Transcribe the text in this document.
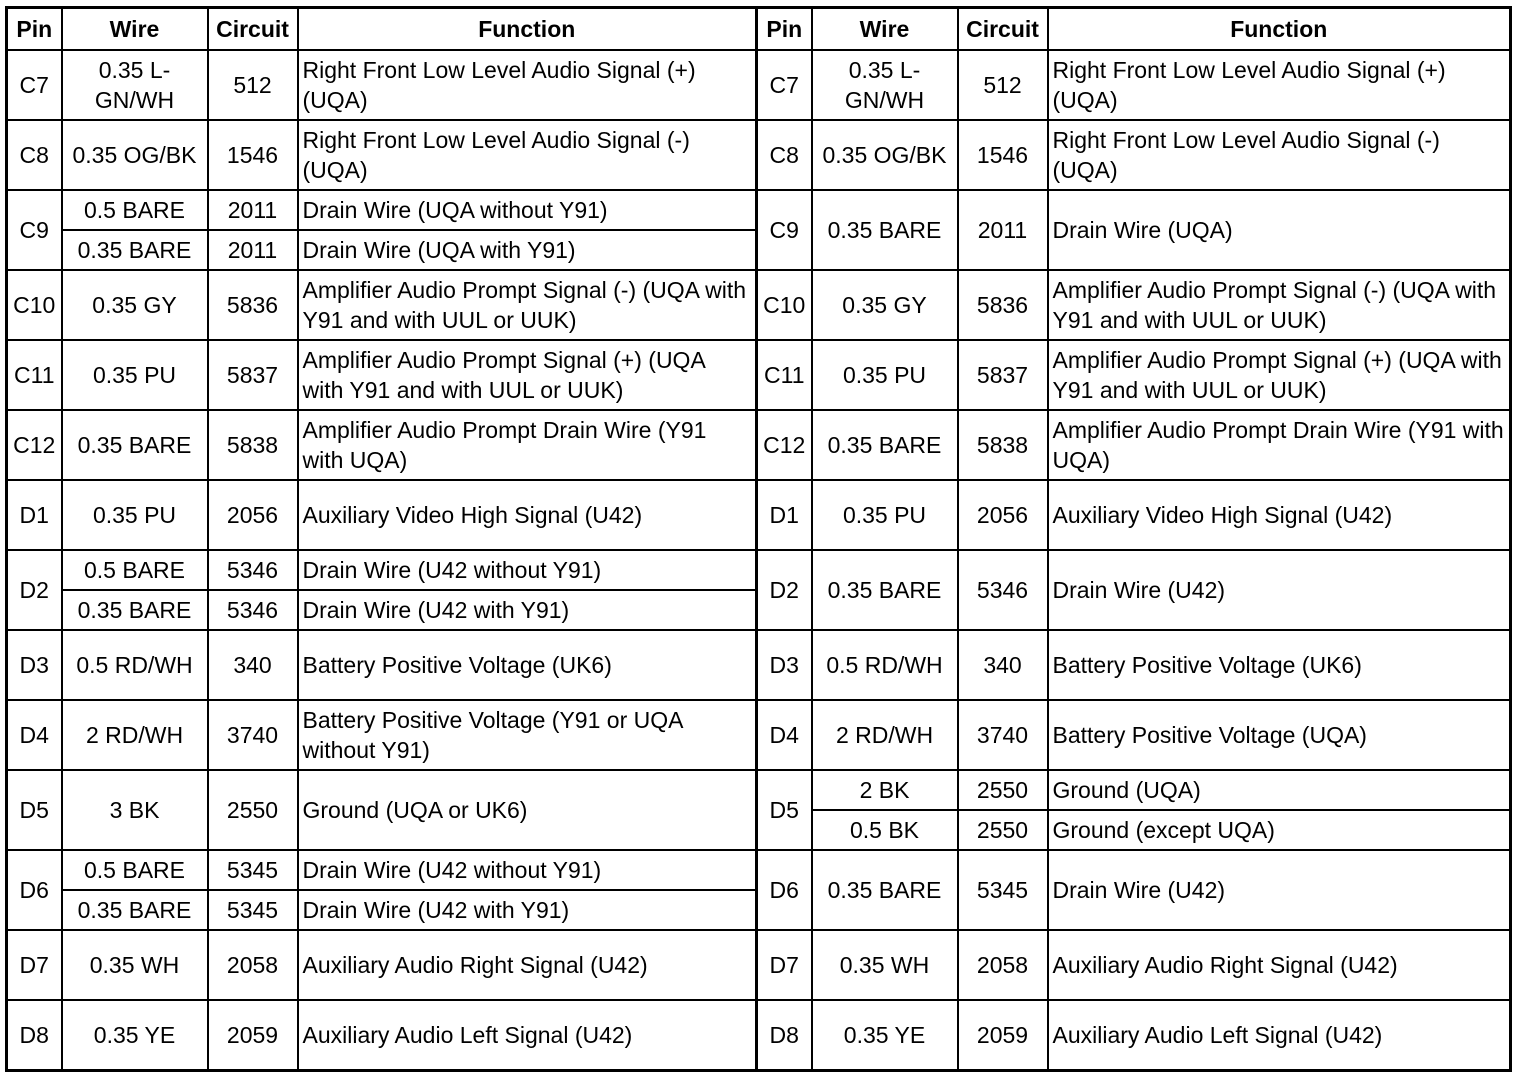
Pin	Wire	Circuit	Function	Pin	Wire	Circuit	Function
C7	0.35 L-GN/WH	512	Right Front Low Level Audio Signal (+) (UQA)	C7	0.35 L-GN/WH	512	Right Front Low Level Audio Signal (+) (UQA)
C8	0.35 OG/BK	1546	Right Front Low Level Audio Signal (-) (UQA)	C8	0.35 OG/BK	1546	Right Front Low Level Audio Signal (-) (UQA)
C9	0.5 BARE	2011	Drain Wire (UQA without Y91)	C9	0.35 BARE	2011	Drain Wire (UQA)
	0.35 BARE	2011	Drain Wire (UQA with Y91)				
C10	0.35 GY	5836	Amplifier Audio Prompt Signal (-) (UQA with Y91 and with UUL or UUK)	C10	0.35 GY	5836	Amplifier Audio Prompt Signal (-) (UQA with Y91 and with UUL or UUK)
C11	0.35 PU	5837	Amplifier Audio Prompt Signal (+) (UQA with Y91 and with UUL or UUK)	C11	0.35 PU	5837	Amplifier Audio Prompt Signal (+) (UQA with Y91 and with UUL or UUK)
C12	0.35 BARE	5838	Amplifier Audio Prompt Drain Wire (Y91 with UQA)	C12	0.35 BARE	5838	Amplifier Audio Prompt Drain Wire (Y91 with UQA)
D1	0.35 PU	2056	Auxiliary Video High Signal (U42)	D1	0.35 PU	2056	Auxiliary Video High Signal (U42)
D2	0.5 BARE	5346	Drain Wire (U42 without Y91)	D2	0.35 BARE	5346	Drain Wire (U42)
	0.35 BARE	5346	Drain Wire (U42 with Y91)				
D3	0.5 RD/WH	340	Battery Positive Voltage (UK6)	D3	0.5 RD/WH	340	Battery Positive Voltage (UK6)
D4	2 RD/WH	3740	Battery Positive Voltage (Y91 or UQA without Y91)	D4	2 RD/WH	3740	Battery Positive Voltage (UQA)
D5	3 BK	2550	Ground (UQA or UK6)	D5	2 BK	2550	Ground (UQA)
					0.5 BK	2550	Ground (except UQA)
D6	0.5 BARE	5345	Drain Wire (U42 without Y91)	D6	0.35 BARE	5345	Drain Wire (U42)
	0.35 BARE	5345	Drain Wire (U42 with Y91)				
D7	0.35 WH	2058	Auxiliary Audio Right Signal (U42)	D7	0.35 WH	2058	Auxiliary Audio Right Signal (U42)
D8	0.35 YE	2059	Auxiliary Audio Left Signal (U42)	D8	0.35 YE	2059	Auxiliary Audio Left Signal (U42)
